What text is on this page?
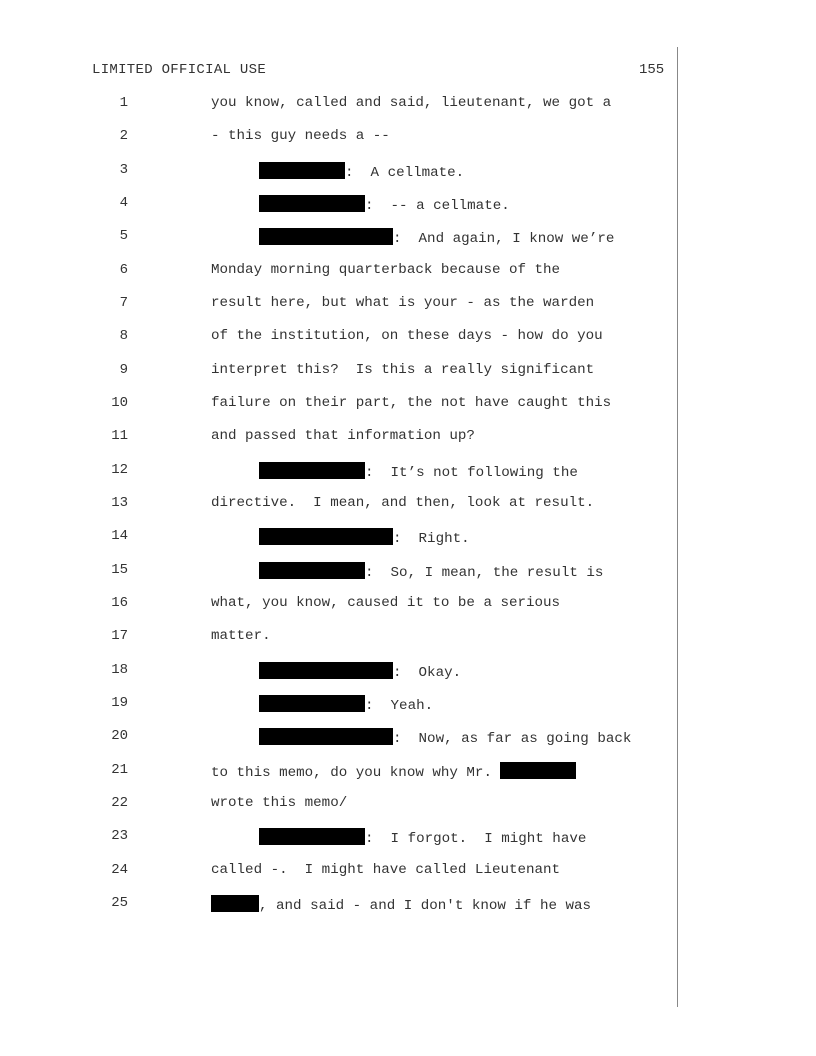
LIMITED OFFICIAL USE	155
1	you know, called and said, lieutenant, we got a
2	- this guy needs a --
3	:  A cellmate.
4	:  -- a cellmate.
5	:  And again, I know we’re
6	Monday morning quarterback because of the
7	result here, but what is your - as the warden
8	of the institution, on these days - how do you
9	interpret this?  Is this a really significant
10	failure on their part, the not have caught this
11	and passed that information up?
12	:  It’s not following the
13	directive.  I mean, and then, look at result.
14	:  Right.
15	:  So, I mean, the result is
16	what, you know, caused it to be a serious
17	matter.
18	:  Okay.
19	:  Yeah.
20	:  Now, as far as going back
21	to this memo, do you know why Mr.
22	wrote this memo/
23	:  I forgot.  I might have
24	called -.  I might have called Lieutenant
25	, and said - and I don't know if he was
